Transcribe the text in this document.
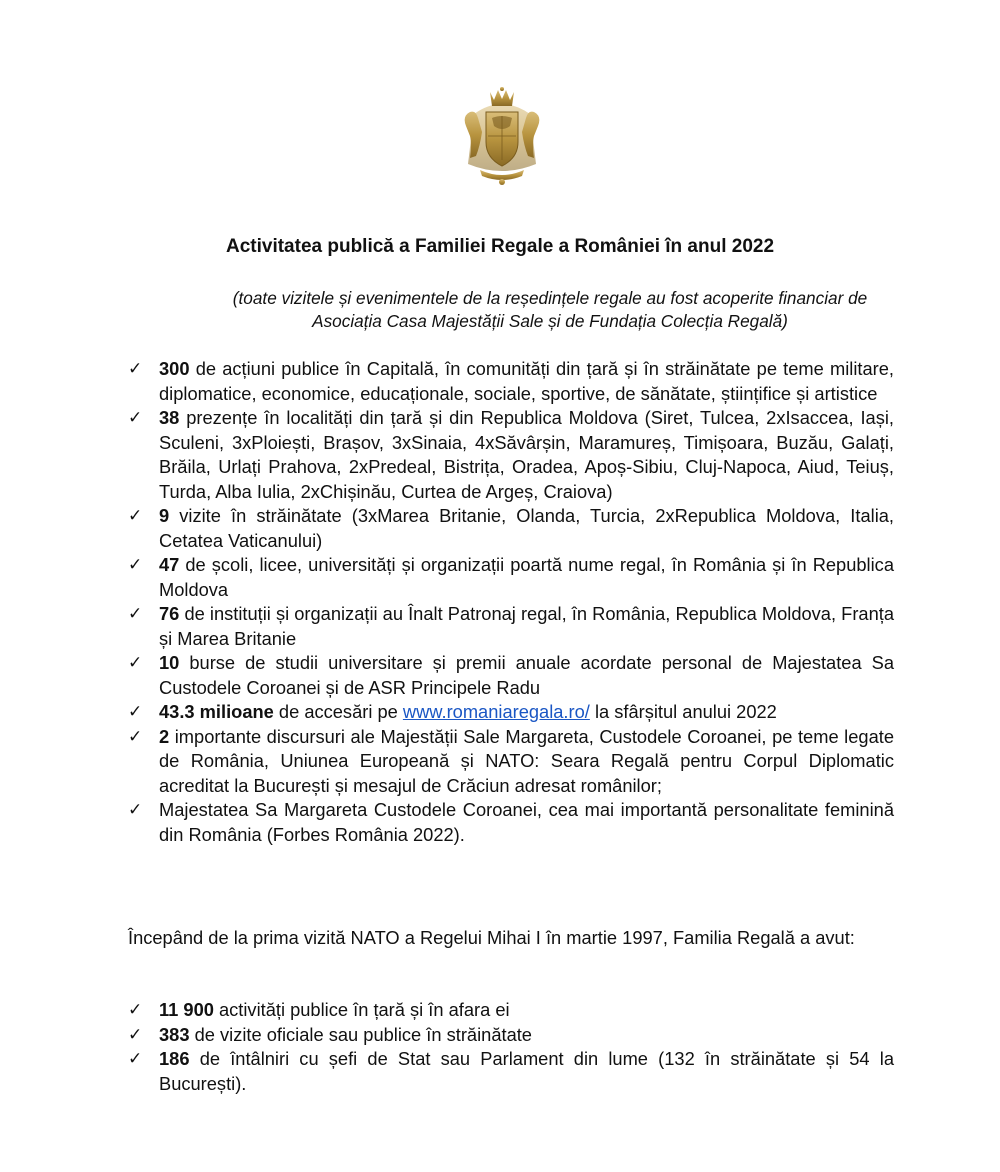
Activitatea publică a Familiei Regale a României în anul 2022
(toate vizitele și evenimentele de la reședințele regale au fost acoperite financiar de
Asociația Casa Majestății Sale și de Fundația Colecția Regală)
✓ 300 de acțiuni publice în Capitală, în comunități din țară și în străinătate pe teme militare, diplomatice, economice, educaționale, sociale, sportive, de sănătate, științifice și artistice
✓ 38 prezențe în localități din țară și din Republica Moldova (Siret, Tulcea, 2xIsaccea, Iași, Sculeni, 3xPloiești, Brașov, 3xSinaia, 4xSăvârșin, Maramureș, Timișoara, Buzău, Galați, Brăila, Urlați Prahova, 2xPredeal, Bistrița, Oradea, Apoș-Sibiu, Cluj-Napoca, Aiud, Teiuș, Turda, Alba Iulia, 2xChișinău, Curtea de Argeș, Craiova)
✓ 9 vizite în străinătate (3xMarea Britanie, Olanda, Turcia, 2xRepublica Moldova, Italia, Cetatea Vaticanului)
✓ 47 de școli, licee, universități și organizații poartă nume regal, în România și în Republica Moldova
✓ 76 de instituții și organizații au Înalt Patronaj regal, în România, Republica Moldova, Franța și Marea Britanie
✓ 10 burse de studii universitare și premii anuale acordate personal de Majestatea Sa Custodele Coroanei și de ASR Principele Radu
✓ 43.3 milioane de accesări pe www.romaniaregala.ro/ la sfârșitul anului 2022
✓ 2 importante discursuri ale Majestății Sale Margareta, Custodele Coroanei, pe teme legate de România, Uniunea Europeană și NATO: Seara Regală pentru Corpul Diplomatic acreditat la București și mesajul de Crăciun adresat românilor;
✓ Majestatea Sa Margareta Custodele Coroanei, cea mai importantă personalitate feminină din România (Forbes România 2022).

Începând de la prima vizită NATO a Regelui Mihai I în martie 1997, Familia Regală a avut:

✓ 11 900 activități publice în țară și în afara ei
✓ 383 de vizite oficiale sau publice în străinătate
✓ 186 de întâlniri cu șefi de Stat sau Parlament din lume (132 în străinătate și 54 la București).
